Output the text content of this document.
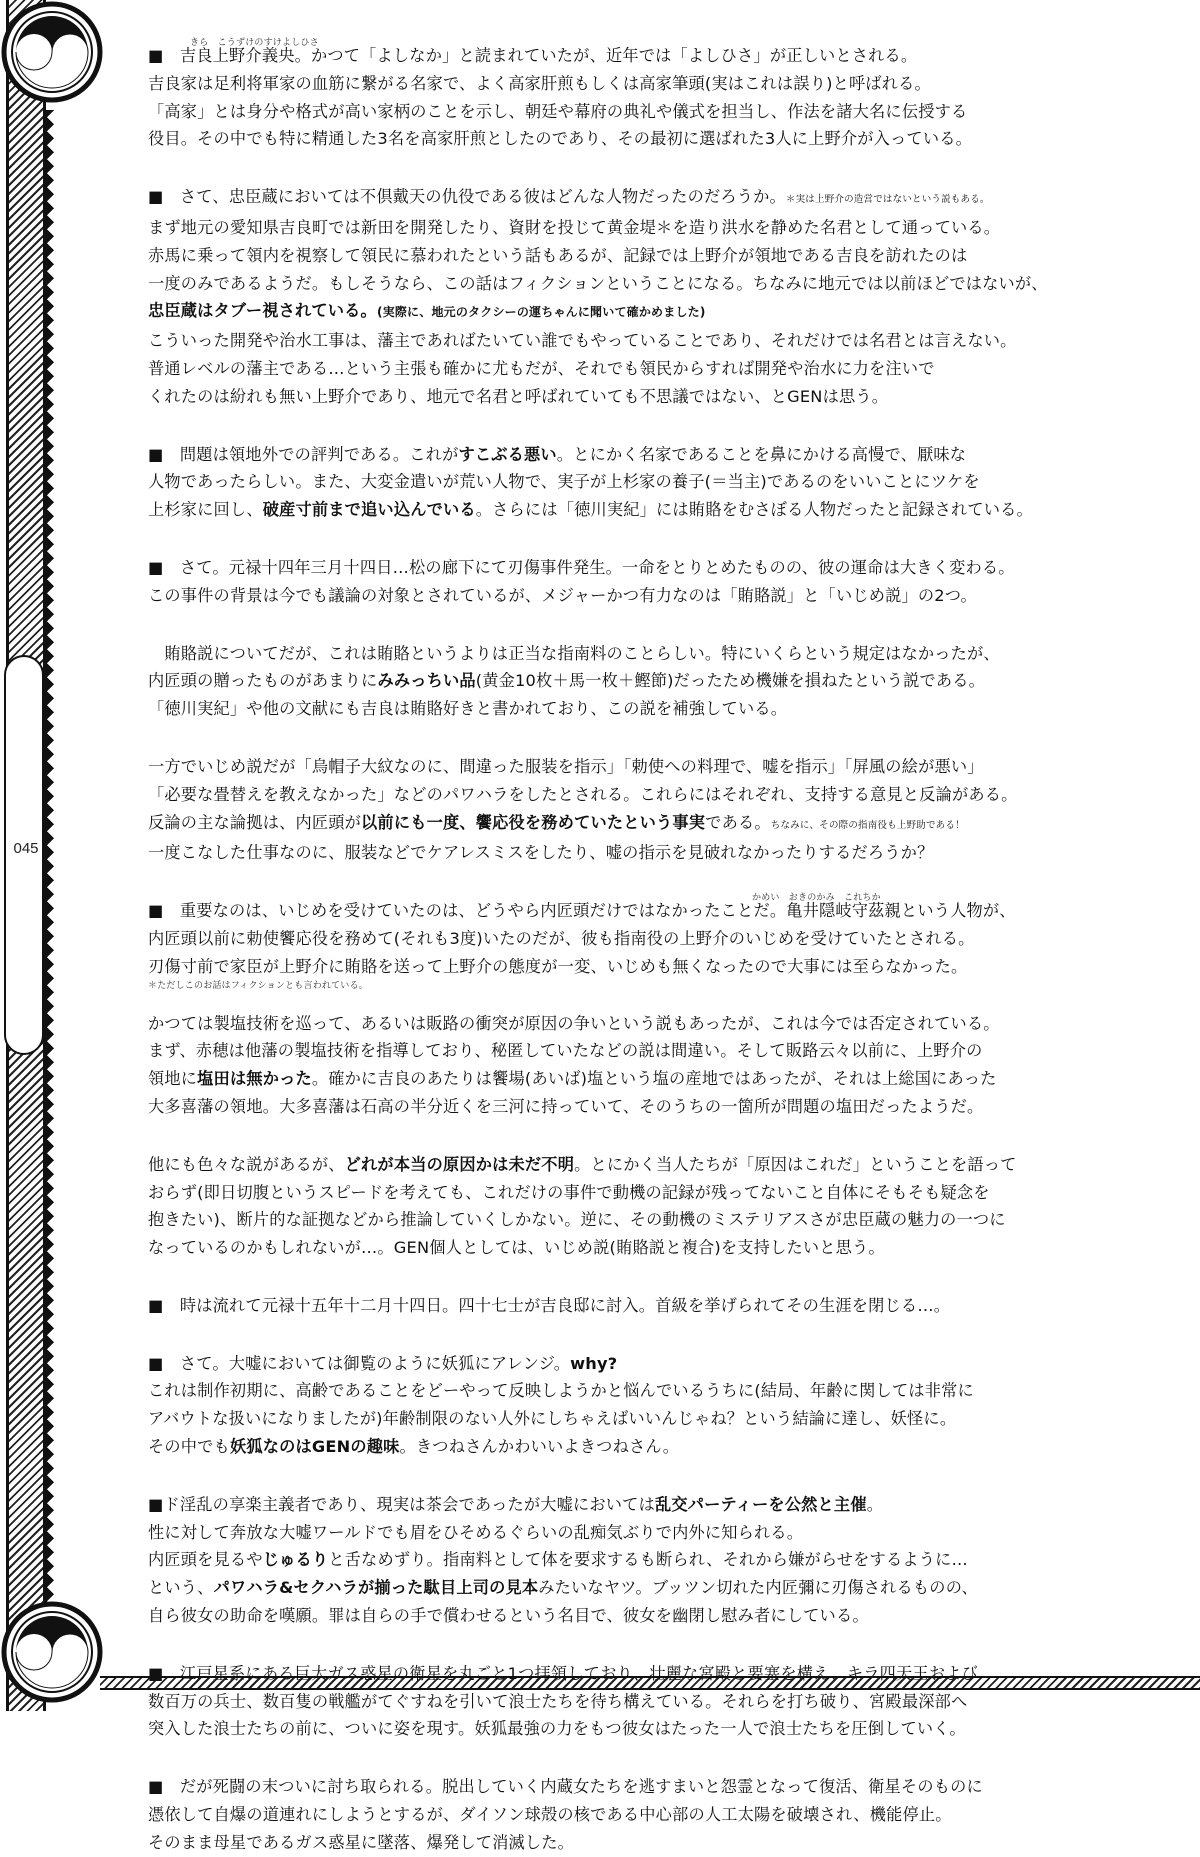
045
きら　こうずけのすけよしひさ
■　吉良上野介義央。かつて「よしなか」と読まれていたが、近年では「よしひさ」が正しいとされる。
吉良家は足利将軍家の血筋に繋がる名家で、よく高家肝煎もしくは高家筆頭(実はこれは誤り)と呼ばれる。
「高家」とは身分や格式が高い家柄のことを示し、朝廷や幕府の典礼や儀式を担当し、作法を諸大名に伝授する
役目。その中でも特に精通した3名を高家肝煎としたのであり、その最初に選ばれた3人に上野介が入っている。
■　さて、忠臣蔵においては不倶戴天の仇役である彼はどんな人物だったのだろうか。＊実は上野介の造営ではないという説もある。
まず地元の愛知県吉良町では新田を開発したり、資財を投じて黄金堤＊を造り洪水を静めた名君として通っている。
赤馬に乗って領内を視察して領民に慕われたという話もあるが、記録では上野介が領地である吉良を訪れたのは
一度のみであるようだ。もしそうなら、この話はフィクションということになる。ちなみに地元では以前ほどではないが、
忠臣蔵はタブー視されている。(実際に、地元のタクシーの運ちゃんに聞いて確かめました)
こういった開発や治水工事は、藩主であればたいてい誰でもやっていることであり、それだけでは名君とは言えない。
普通レベルの藩主である…という主張も確かに尤もだが、それでも領民からすれば開発や治水に力を注いで
くれたのは紛れも無い上野介であり、地元で名君と呼ばれていても不思議ではない、とGENは思う。
■　問題は領地外での評判である。これがすこぶる悪い。とにかく名家であることを鼻にかける高慢で、厭味な
人物であったらしい。また、大変金遣いが荒い人物で、実子が上杉家の養子(＝当主)であるのをいいことにツケを
上杉家に回し、破産寸前まで追い込んでいる。さらには「徳川実紀」には賄賂をむさぼる人物だったと記録されている。
■　さて。元禄十四年三月十四日…松の廊下にて刃傷事件発生。一命をとりとめたものの、彼の運命は大きく変わる。
この事件の背景は今でも議論の対象とされているが、メジャーかつ有力なのは「賄賂説」と「いじめ説」の2つ。
　賄賂説についてだが、これは賄賂というよりは正当な指南料のことらしい。特にいくらという規定はなかったが、
内匠頭の贈ったものがあまりにみみっちい品(黄金10枚＋馬一枚＋鰹節)だったため機嫌を損ねたという説である。
「徳川実紀」や他の文献にも吉良は賄賂好きと書かれており、この説を補強している。
一方でいじめ説だが「烏帽子大紋なのに、間違った服装を指示」「勅使への料理で、嘘を指示」「屏風の絵が悪い」
「必要な畳替えを教えなかった」などのパワハラをしたとされる。これらにはそれぞれ、支持する意見と反論がある。
反論の主な論拠は、内匠頭が以前にも一度、饗応役を務めていたという事実である。ちなみに、その際の指南役も上野助である！
一度こなした仕事なのに、服装などでケアレスミスをしたり、嘘の指示を見破れなかったりするだろうか？
かめい　おきのかみ　これちか
■　重要なのは、いじめを受けていたのは、どうやら内匠頭だけではなかったことだ。亀井隠岐守茲親という人物が、
内匠頭以前に勅使饗応役を務めて(それも3度)いたのだが、彼も指南役の上野介のいじめを受けていたとされる。
刃傷寸前で家臣が上野介に賄賂を送って上野介の態度が一変、いじめも無くなったので大事には至らなかった。
＊ただしこのお話はフィクションとも言われている。
かつては製塩技術を巡って、あるいは販路の衝突が原因の争いという説もあったが、これは今では否定されている。
まず、赤穂は他藩の製塩技術を指導しており、秘匿していたなどの説は間違い。そして販路云々以前に、上野介の
領地に塩田は無かった。確かに吉良のあたりは饗場(あいば)塩という塩の産地ではあったが、それは上総国にあった
大多喜藩の領地。大多喜藩は石高の半分近くを三河に持っていて、そのうちの一箇所が問題の塩田だったようだ。
他にも色々な説があるが、どれが本当の原因かは未だ不明。とにかく当人たちが「原因はこれだ」ということを語って
おらず(即日切腹というスピードを考えても、これだけの事件で動機の記録が残ってないこと自体にそもそも疑念を
抱きたい)、断片的な証拠などから推論していくしかない。逆に、その動機のミステリアスさが忠臣蔵の魅力の一つに
なっているのかもしれないが…。GEN個人としては、いじめ説(賄賂説と複合)を支持したいと思う。
■　時は流れて元禄十五年十二月十四日。四十七士が吉良邸に討入。首級を挙げられてその生涯を閉じる…。
■　さて。大嘘においては御覧のように妖狐にアレンジ。why?
これは制作初期に、高齢であることをどーやって反映しようかと悩んでいるうちに(結局、年齢に関しては非常に
アバウトな扱いになりましたが)年齢制限のない人外にしちゃえばいいんじゃね？という結論に達し、妖怪に。
その中でも妖狐なのはGENの趣味。きつねさんかわいいよきつねさん。
■ド淫乱の享楽主義者であり、現実は茶会であったが大嘘においては乱交パーティーを公然と主催。
性に対して奔放な大嘘ワールドでも眉をひそめるぐらいの乱痴気ぶりで内外に知られる。
内匠頭を見るやじゅるりと舌なめずり。指南料として体を要求するも断られ、それから嫌がらせをするように…
という、パワハラ&セクハラが揃った駄目上司の見本みたいなヤツ。ブッツン切れた内匠彌に刃傷されるものの、
自ら彼女の助命を嘆願。罪は自らの手で償わせるという名目で、彼女を幽閉し慰み者にしている。
■　江戸星系にある巨大ガス惑星の衛星を丸ごと1つ拝領しており、壮麗な宮殿と要塞を構え、キラ四天王および
数百万の兵士、数百隻の戦艦がてぐすねを引いて浪士たちを待ち構えている。それらを打ち破り、宮殿最深部へ
突入した浪士たちの前に、ついに姿を現す。妖狐最強の力をもつ彼女はたった一人で浪士たちを圧倒していく。
■　だが死闘の末ついに討ち取られる。脱出していく内蔵女たちを逃すまいと怨霊となって復活、衛星そのものに
憑依して自爆の道連れにしようとするが、ダイソン球殻の核である中心部の人工太陽を破壊され、機能停止。
そのまま母星であるガス惑星に墜落、爆発して消滅した。
